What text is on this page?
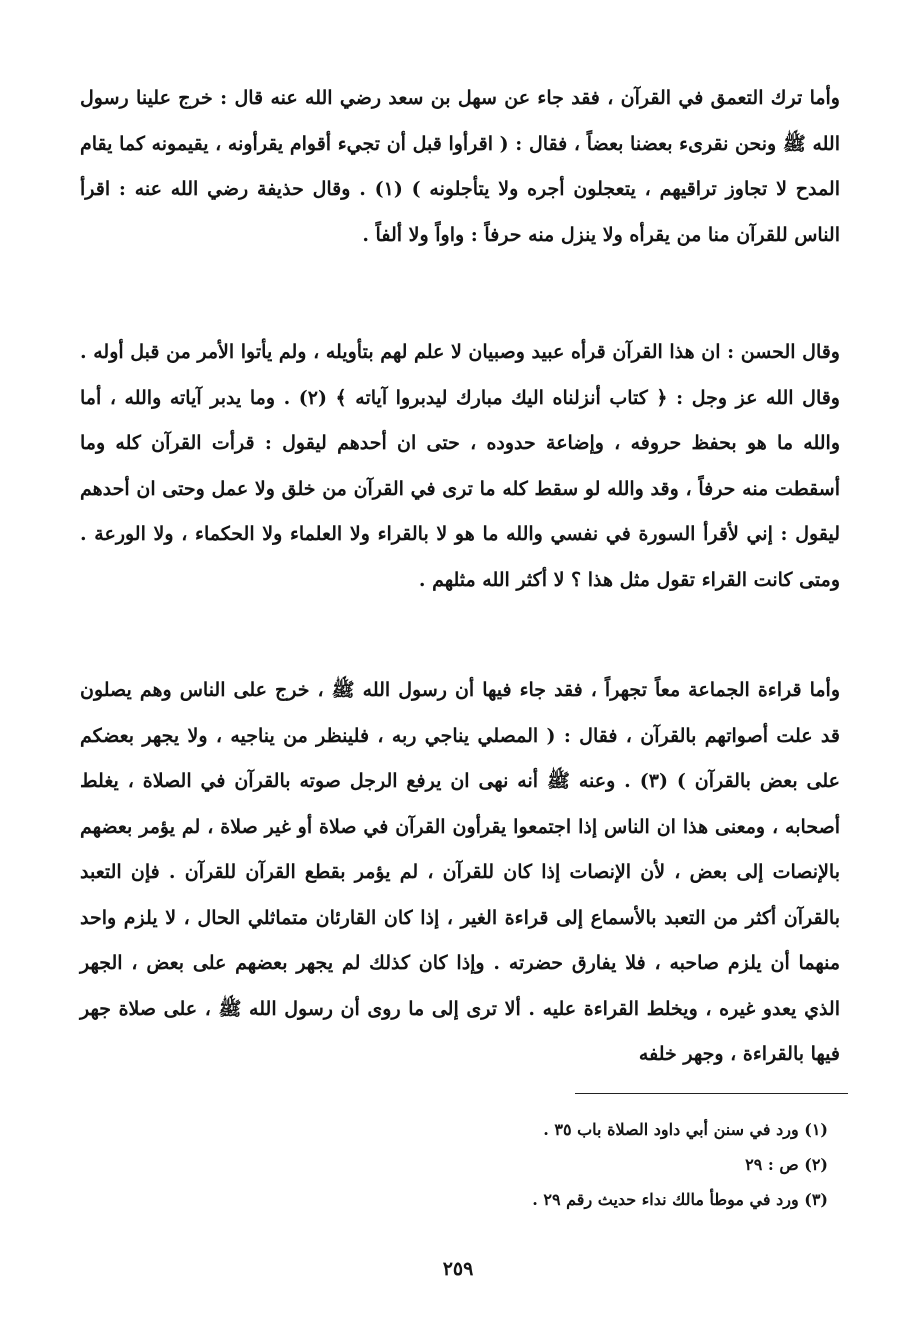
وأما ترك التعمق في القرآن ، فقد جاء عن سهل بن سعد رضي الله عنه قال : خرج علينا رسول الله ﷺ ونحن نقرىء بعضنا بعضاً ، فقال : ( اقرأوا قبل أن تجيء أقوام يقرأونه ، يقيمونه كما يقام المدح لا تجاوز تراقيهم ، يتعجلون أجره ولا يتأجلونه ) (١) . وقال حذيفة رضي الله عنه : اقرأ الناس للقرآن منا من يقرأه ولا ينزل منه حرفاً : واواً ولا ألفاً .

وقال الحسن : ان هذا القرآن قرأه عبيد وصبيان لا علم لهم بتأويله ، ولم يأتوا الأمر من قبل أوله . وقال الله عز وجل : ﴿ كتاب أنزلناه اليك مبارك ليدبروا آياته ﴾ (٢) . وما يدبر آياته والله ، أما والله ما هو بحفظ حروفه ، وإضاعة حدوده ، حتى ان أحدهم ليقول : قرأت القرآن كله وما أسقطت منه حرفاً ، وقد والله لو سقط كله ما ترى في القرآن من خلق ولا عمل وحتى ان أحدهم ليقول : إني لأقرأ السورة في نفسي والله ما هو لا بالقراء ولا العلماء ولا الحكماء ، ولا الورعة . ومتى كانت القراء تقول مثل هذا ؟ لا أكثر الله مثلهم .

وأما قراءة الجماعة معاً تجهراً ، فقد جاء فيها أن رسول الله ﷺ ، خرج على الناس وهم يصلون قد علت أصواتهم بالقرآن ، فقال : ( المصلي يناجي ربه ، فلينظر من يناجيه ، ولا يجهر بعضكم على بعض بالقرآن ) (٣) . وعنه ﷺ أنه نهى ان يرفع الرجل صوته بالقرآن في الصلاة ، يغلط أصحابه ، ومعنى هذا ان الناس إذا اجتمعوا يقرأون القرآن في صلاة أو غير صلاة ، لم يؤمر بعضهم بالإنصات إلى بعض ، لأن الإنصات إذا كان للقرآن ، لم يؤمر بقطع القرآن للقرآن . فإن التعبد بالقرآن أكثر من التعبد بالأسماع إلى قراءة الغير ، إذا كان القارئان متماثلي الحال ، لا يلزم واحد منهما أن يلزم صاحبه ، فلا يفارق حضرته . وإذا كان كذلك لم يجهر بعضهم على بعض ، الجهر الذي يعدو غيره ، ويخلط القراءة عليه . ألا ترى إلى ما روى أن رسول الله ﷺ ، على صلاة جهر فيها بالقراءة ، وجهر خلفه

(١) ورد في سنن أبي داود الصلاة باب ٣٥ .
(٢) ص : ٢٩
(٣) ورد في موطأ مالك نداء حديث رقم ٢٩ .
٢٥٩
